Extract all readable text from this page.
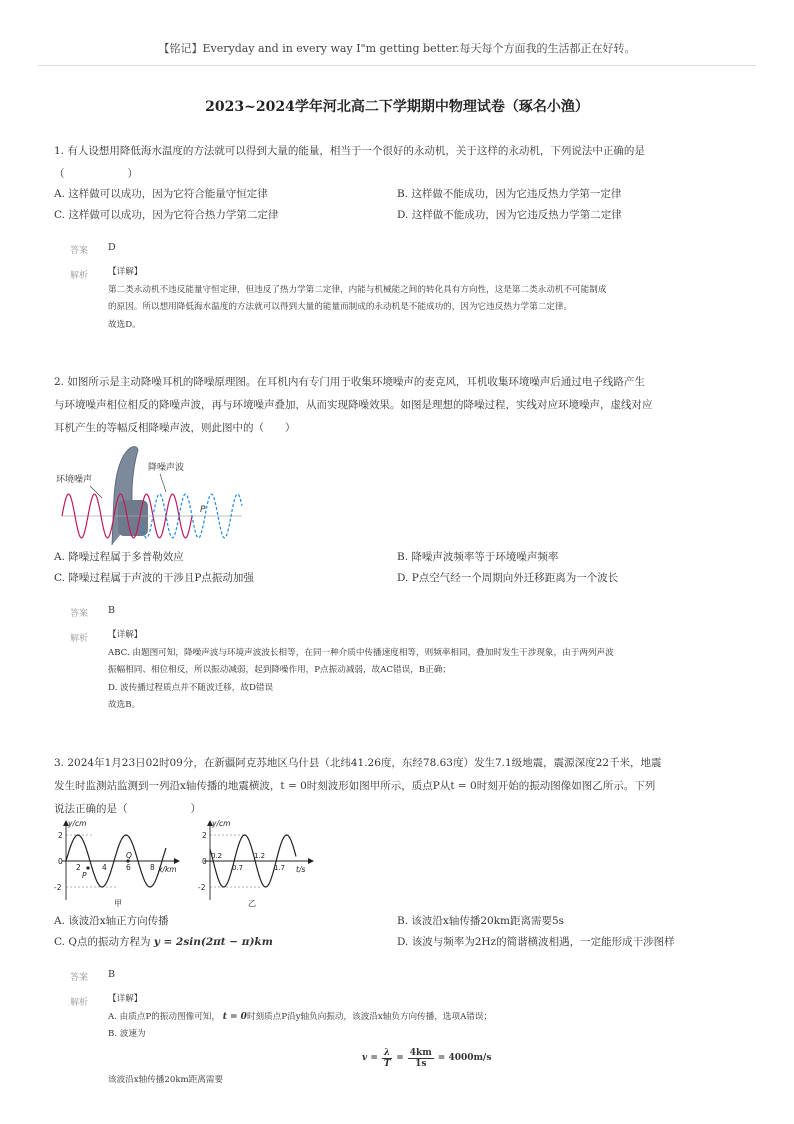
【铭记】Everyday and in every way I"m getting better.每天每个方面我的生活都正在好转。
2023~2024学年河北高二下学期期中物理试卷（琢名小渔）
1. 有人设想用降低海水温度的方法就可以得到大量的能量，相当于一个很好的永动机，关于这样的永动机，下列说法中正确的是
（　　　　　　）
A. 这样做可以成功，因为它符合能量守恒定律	B. 这样做不能成功，因为它违反热力学第一定律
C. 这样做可以成功，因为它符合热力学第二定律	D. 这样做不能成功，因为它违反热力学第二定律
答案 D
解析 【详解】
第二类永动机不违反能量守恒定律，但违反了热力学第二定律，内能与机械能之间的转化具有方向性，这是第二类永动机不可能制成
的原因。所以想用降低海水温度的方法就可以得到大量的能量而制成的永动机是不能成功的，因为它违反热力学第二定律。
故选D。
2. 如图所示是主动降噪耳机的降噪原理图。在耳机内有专门用于收集环境噪声的麦克风，耳机收集环境噪声后通过电子线路产生
与环境噪声相位相反的降噪声波，再与环境噪声叠加，从而实现降噪效果。如图是理想的降噪过程，实线对应环境噪声，虚线对应
耳机产生的等幅反相降噪声波，则此图中的（　　）
环境噪声
降噪声波
P
A. 降噪过程属于多普勒效应	B. 降噪声波频率等于环境噪声频率
C. 降噪过程属于声波的干涉且P点振动加强	D. P点空气经一个周期向外迁移距离为一个波长
答案 B
解析 【详解】
ABC. 由题图可知，降噪声波与环境声波波长相等，在同一种介质中传播速度相等，则频率相同，叠加时发生干涉现象，由于两列声波
振幅相同、相位相反，所以振动减弱，起到降噪作用，P点振动减弱，故AC错误，B正确；
D. 波传播过程质点并不随波迁移，故D错误
故选B。
3. 2024年1月23日02时09分，在新疆阿克苏地区乌什县（北纬41.26度，东经78.63度）发生7.1级地震，震源深度22千米，地震
发生时监测站监测到一列沿x轴传播的地震横波，t = 0时刻波形如图甲所示，质点P从t = 0时刻开始的振动图像如图乙所示。下列
说法正确的是（　　　　　　）
y/cm
x/km
2
0
-2
2	4	6	8
P
Q
甲
y/cm
t/s
2
0
-2
0.2
0.7
1.2
1.7
乙
A. 该波沿x轴正方向传播	B. 该波沿x轴传播20km距离需要5s
C. Q点的振动方程为 y = 2sin(2πt − π)km	D. 该波与频率为2Hz的简谐横波相遇，一定能形成干涉图样
答案 B
解析 【详解】
A. 由质点P的振动图像可知， t = 0时刻质点P沿y轴负向振动，该波沿x轴负方向传播，选项A错误；
B. 波速为
$v = \frac{\lambda}{T} = \frac{4km}{1s} = 4000m/s$
该波沿x轴传播20km距离需要
